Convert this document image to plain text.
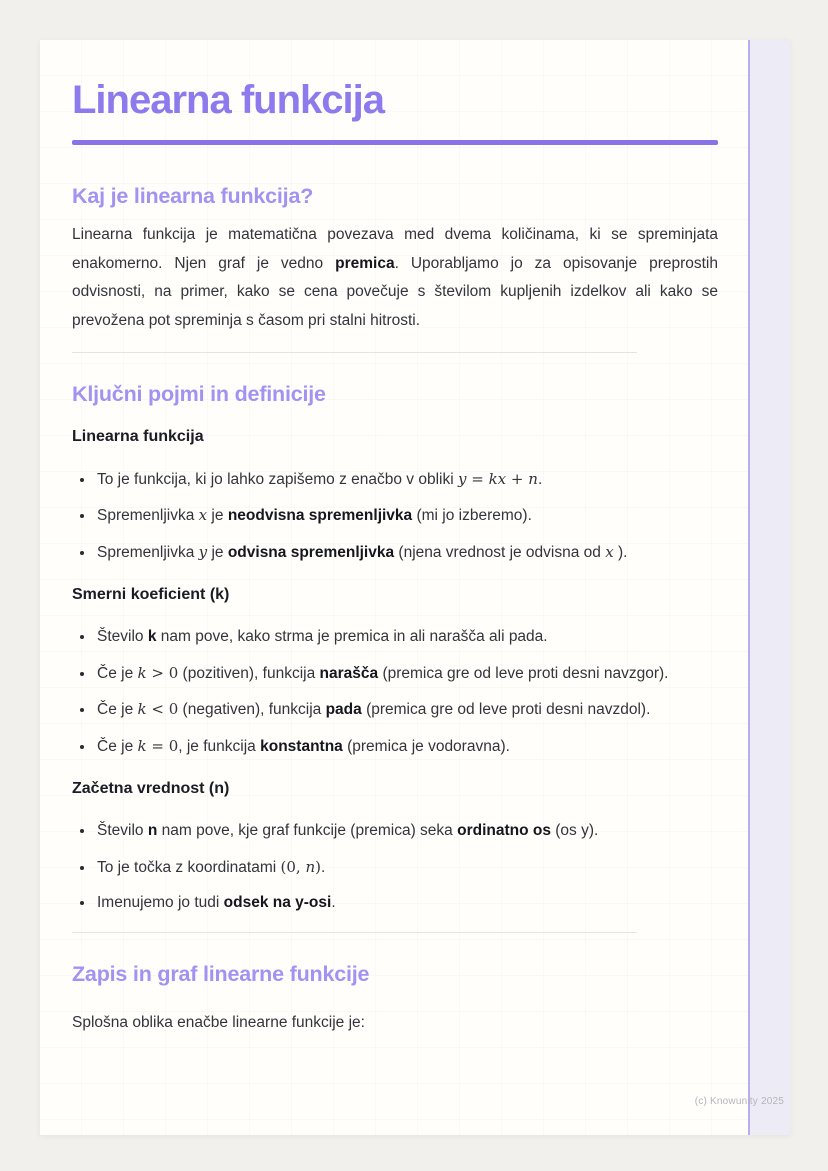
Linearna funkcija
Kaj je linearna funkcija?

Linearna funkcija je matematična povezava med dvema količinama, ki se spreminjata enakomerno. Njen graf je vedno premica. Uporabljamo jo za opisovanje preprostih odvisnosti, na primer, kako se cena povečuje s številom kupljenih izdelkov ali kako se prevožena pot spreminja s časom pri stalni hitrosti.

Ključni pojmi in definicije
Linearna funkcija
• To je funkcija, ki jo lahko zapišemo z enačbo v obliki y = kx + n.
• Spremenljivka x je neodvisna spremenljivka (mi jo izberemo).
• Spremenljivka y je odvisna spremenljivka (njena vrednost je odvisna od x ).
Smerni koeficient (k)
• Število k nam pove, kako strma je premica in ali narašča ali pada.
• Če je k > 0 (pozitiven), funkcija narašča (premica gre od leve proti desni navzgor).
• Če je k < 0 (negativen), funkcija pada (premica gre od leve proti desni navzdol).
• Če je k = 0, je funkcija konstantna (premica je vodoravna).
Začetna vrednost (n)
• Število n nam pove, kje graf funkcije (premica) seka ordinatno os (os y).
• To je točka z koordinatami (0, n).
• Imenujemo jo tudi odsek na y-osi.
Zapis in graf linearne funkcije

Splošna oblika enačbe linearne funkcije je:

(c) Knowunity 2025
